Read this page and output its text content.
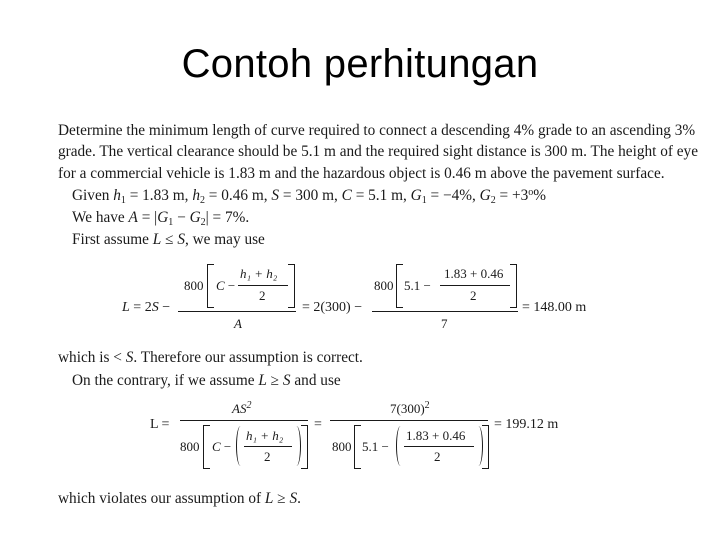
Contoh perhitungan
Determine the minimum length of curve required to connect a descending 4% grade to an ascending 3%
grade. The vertical clearance should be 5.1 m and the required sight distance is 300 m. The height of eye
for a commercial vehicle is 1.83 m and the hazardous object is 0.46 m above the pavement surface.
Given $h_1 = 1.83$ m, $h_2 = 0.46$ m, S = 300 m, C = 5.1 m, $G_1 = -4\%$, $G_2 = +3^o\%$
We have $A = |G_1 - G_2| = 7\%$.
First assume L ≤ S, we may use
L = 2S −
800 C −
h₁ + h₂
2
A
= 2(300) −
800 5.1 −
1.83 + 0.46
2
7
= 148.00 m
which is < S. Therefore our assumption is correct.
On the contrary, if we assume L ≥ S and use
L =
$AS^2$
800 C −
h₁ + h₂
2
=
$7(300)^2$
800 5.1 −
1.83 + 0.46
2
= 199.12 m
which violates our assumption of L ≥ S.
